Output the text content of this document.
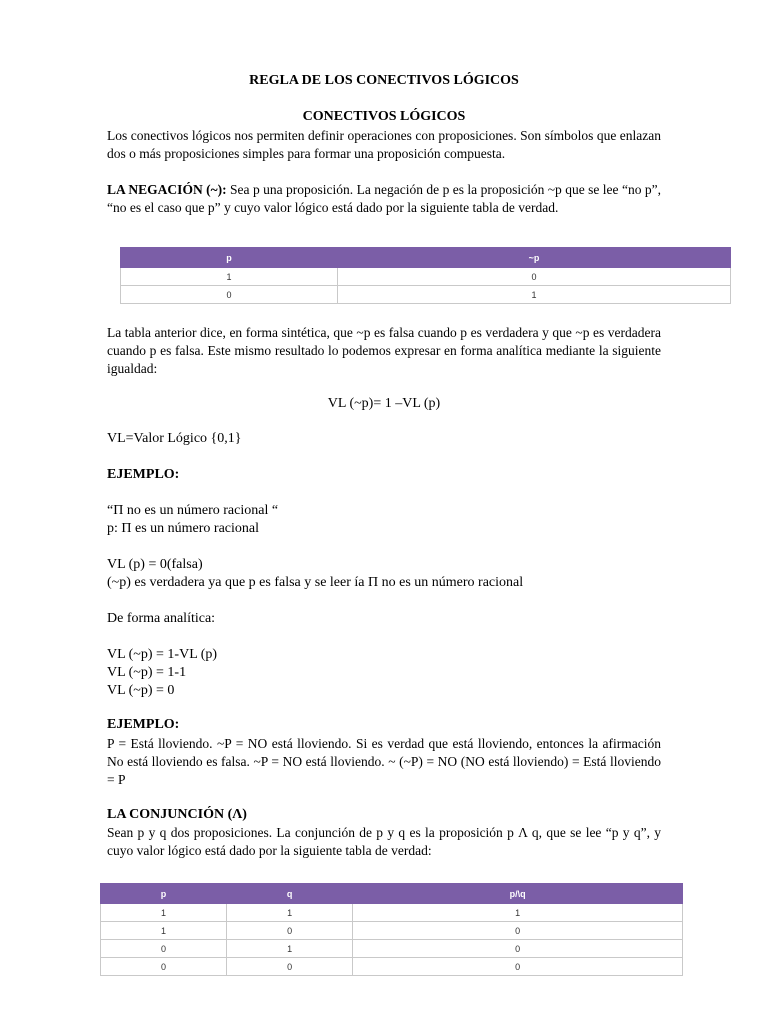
REGLA DE LOS CONECTIVOS LÓGICOS
CONECTIVOS LÓGICOS
Los conectivos lógicos nos permiten definir operaciones con proposiciones. Son símbolos que enlazan dos o más proposiciones simples para formar una proposición compuesta.
LA NEGACIÓN (~): Sea p una proposición. La negación de p es la proposición ~p que se lee “no p”, “no es el caso que p” y cuyo valor lógico está dado por la siguiente tabla de verdad.
p	~p
1	0
0	1
La tabla anterior dice, en forma sintética, que ~p es falsa cuando p es verdadera y que ~p es verdadera cuando p es falsa. Este mismo resultado lo podemos expresar en forma analítica mediante la siguiente igualdad:
VL (~p)= 1 –VL (p)
VL=Valor Lógico {0,1}
EJEMPLO:
“Π no es un número racional “
p: Π es un número racional
VL (p) = 0(falsa)
(~p) es verdadera ya que p es falsa y se leer ía Π no es un número racional
De forma analítica:
VL (~p) = 1-VL (p)
VL (~p) = 1-1
VL (~p) = 0
EJEMPLO:
P = Está lloviendo. ~P = NO está lloviendo. Si es verdad que está lloviendo, entonces la afirmación No está lloviendo es falsa. ~P = NO está lloviendo. ~ (~P) = NO (NO está lloviendo) = Está lloviendo = P
LA CONJUNCIÓN (Λ)
Sean p y q dos proposiciones. La conjunción de p y q es la proposición p Λ q, que se lee “p y q”, y cuyo valor lógico está dado por la siguiente tabla de verdad:
p	q	p/\q
1	1	1
1	0	0
0	1	0
0	0	0
